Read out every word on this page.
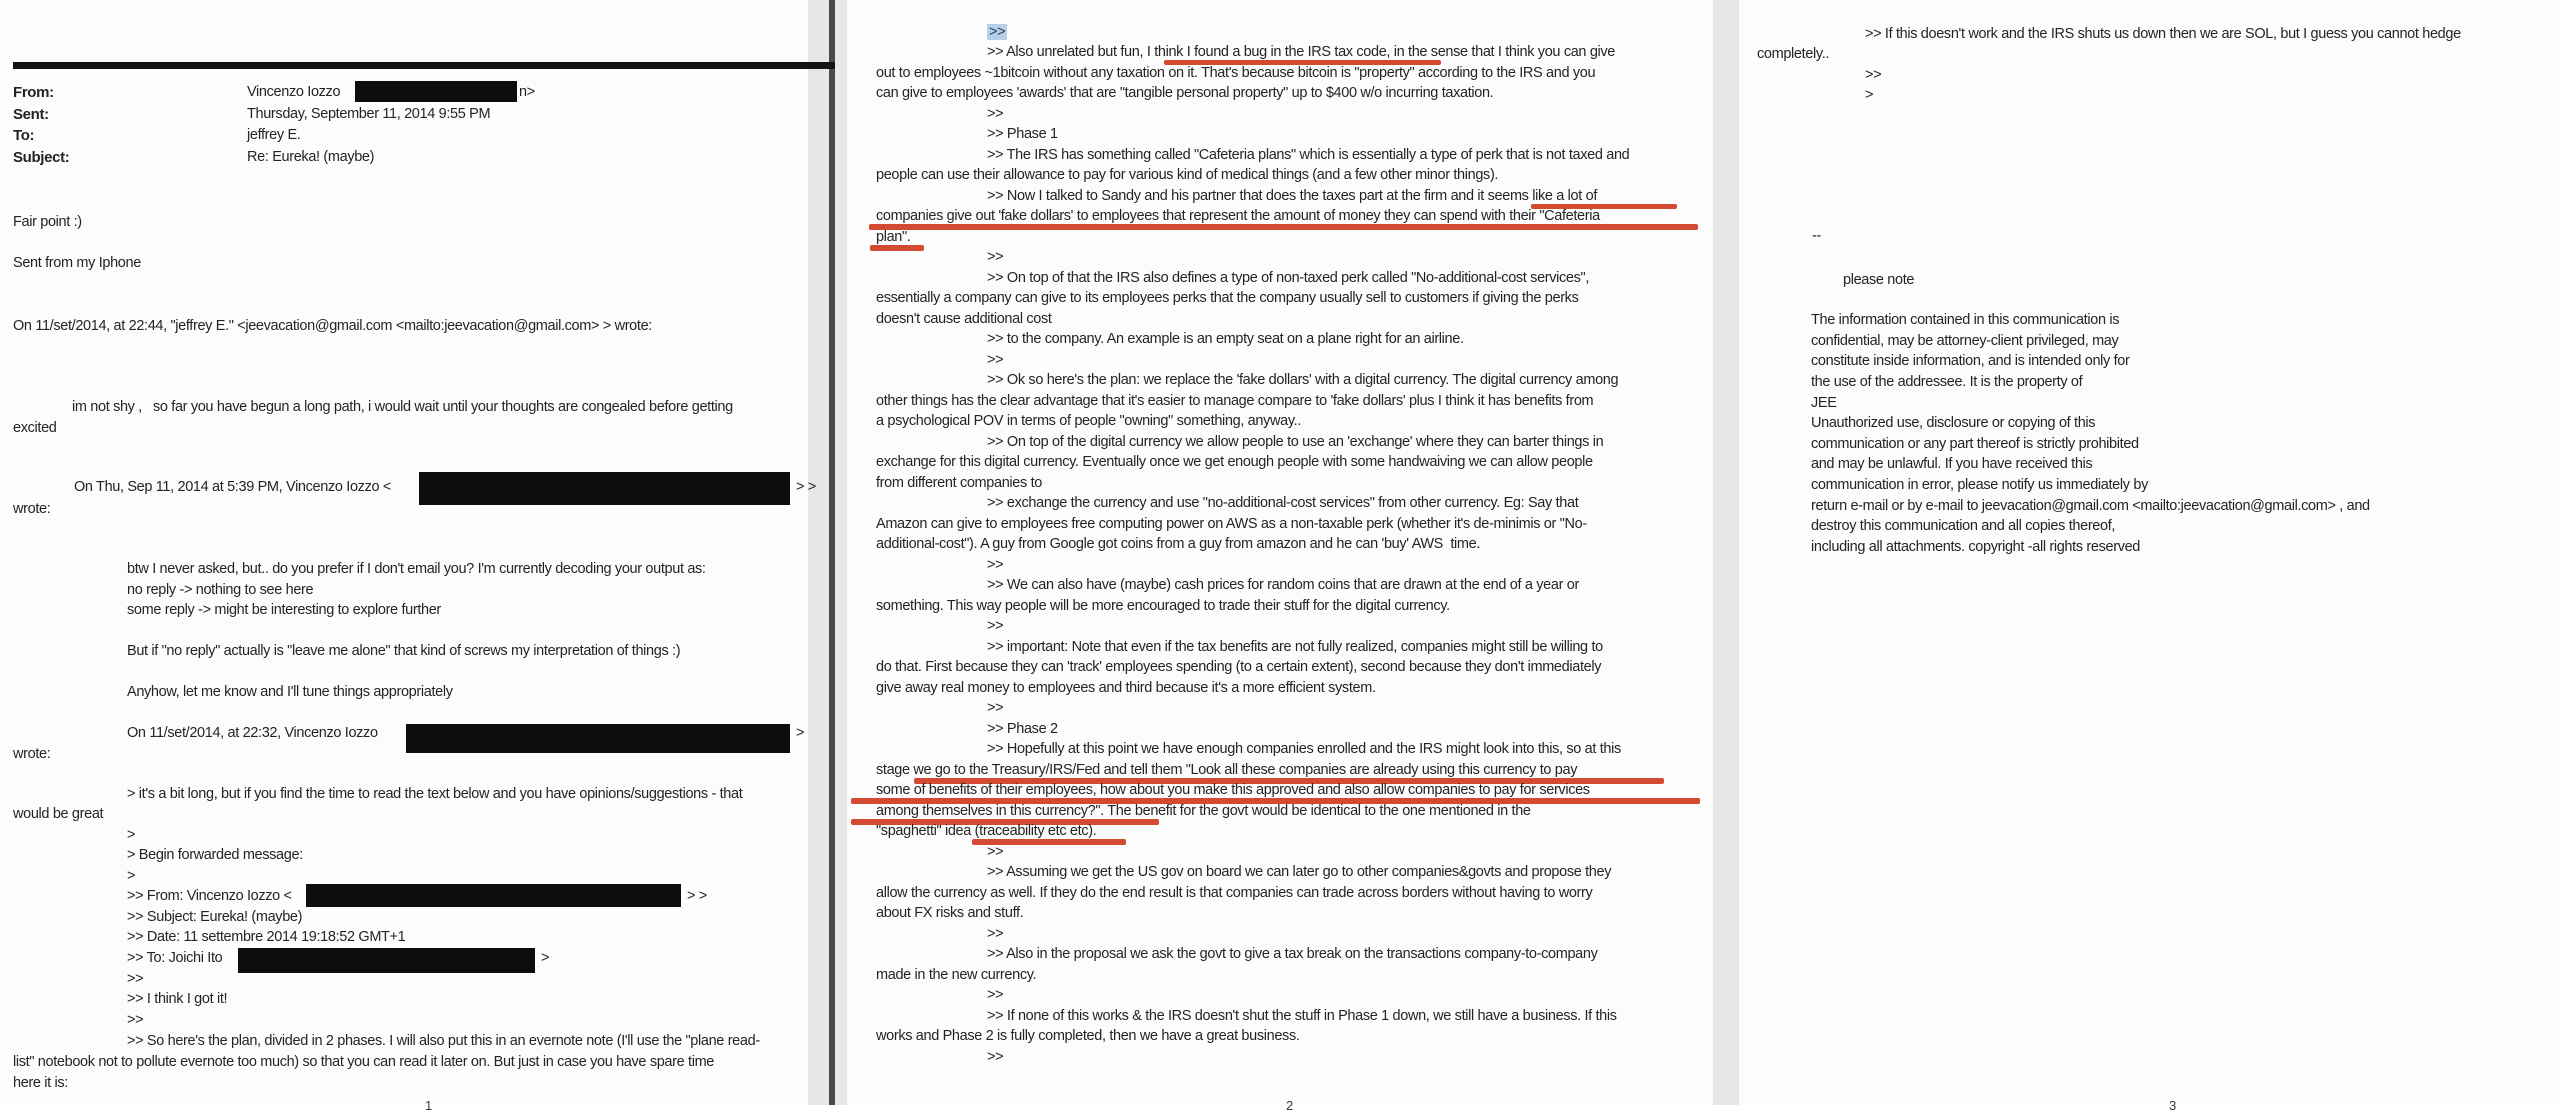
From:	Vincenzo Iozzo	n>
Sent:	Thursday, September 11, 2014 9:55 PM
To:	jeffrey E.
Subject:	Re: Eureka! (maybe)
Fair point :)
Sent from my Iphone
On 11/set/2014, at 22:44, "jeffrey E." <jeevacation@gmail.com <mailto:jeevacation@gmail.com> > wrote:
im not shy ,   so far you have begun a long path, i would wait until your thoughts are congealed before getting
excited
On Thu, Sep 11, 2014 at 5:39 PM, Vincenzo Iozzo <	> >
wrote:
btw I never asked, but.. do you prefer if I don't email you? I'm currently decoding your output as:
no reply -> nothing to see here
some reply -> might be interesting to explore further
But if "no reply" actually is "leave me alone" that kind of screws my interpretation of things :)
Anyhow, let me know and I'll tune things appropriately
On 11/set/2014, at 22:32, Vincenzo Iozzo	>
wrote:
> it's a bit long, but if you find the time to read the text below and you have opinions/suggestions - that
would be great
>
> Begin forwarded message:
>
>> From: Vincenzo Iozzo <	> >
>> Subject: Eureka! (maybe)
>> Date: 11 settembre 2014 19:18:52 GMT+1
>> To: Joichi Ito	>
>>
>> I think I got it!
>>
>> So here's the plan, divided in 2 phases. I will also put this in an evernote note (I'll use the "plane read-
list" notebook not to pollute evernote too much) so that you can read it later on. But just in case you have spare time
here it is:
1
>>
>> Also unrelated but fun, I think I found a bug in the IRS tax code, in the sense that I think you can give
out to employees ~1bitcoin without any taxation on it. That's because bitcoin is "property" according to the IRS and you
can give to employees 'awards' that are "tangible personal property" up to $400 w/o incurring taxation.
>>
>> Phase 1
>> The IRS has something called "Cafeteria plans" which is essentially a type of perk that is not taxed and
people can use their allowance to pay for various kind of medical things (and a few other minor things).
>> Now I talked to Sandy and his partner that does the taxes part at the firm and it seems like a lot of
companies give out 'fake dollars' to employees that represent the amount of money they can spend with their "Cafeteria
plan".
>>
>> On top of that the IRS also defines a type of non-taxed perk called "No-additional-cost services",
essentially a company can give to its employees perks that the company usually sell to customers if giving the perks
doesn't cause additional cost
>> to the company. An example is an empty seat on a plane right for an airline.
>>
>> Ok so here's the plan: we replace the 'fake dollars' with a digital currency. The digital currency among
other things has the clear advantage that it's easier to manage compare to 'fake dollars' plus I think it has benefits from
a psychological POV in terms of people "owning" something, anyway..
>> On top of the digital currency we allow people to use an 'exchange' where they can barter things in
exchange for this digital currency. Eventually once we get enough people with some handwaiving we can allow people
from different companies to
>> exchange the currency and use "no-additional-cost services" from other currency. Eg: Say that
Amazon can give to employees free computing power on AWS as a non-taxable perk (whether it's de-minimis or "No-
additional-cost"). A guy from Google got coins from a guy from amazon and he can 'buy' AWS  time.
>>
>> We can also have (maybe) cash prices for random coins that are drawn at the end of a year or
something. This way people will be more encouraged to trade their stuff for the digital currency.
>>
>> important: Note that even if the tax benefits are not fully realized, companies might still be willing to
do that. First because they can 'track' employees spending (to a certain extent), second because they don't immediately
give away real money to employees and third because it's a more efficient system.
>>
>> Phase 2
>> Hopefully at this point we have enough companies enrolled and the IRS might look into this, so at this
stage we go to the Treasury/IRS/Fed and tell them "Look all these companies are already using this currency to pay
some of benefits of their employees, how about you make this approved and also allow companies to pay for services
among themselves in this currency?". The benefit for the govt would be identical to the one mentioned in the
"spaghetti" idea (traceability etc etc).
>>
>> Assuming we get the US gov on board we can later go to other companies&govts and propose they
allow the currency as well. If they do the end result is that companies can trade across borders without having to worry
about FX risks and stuff.
>>
>> Also in the proposal we ask the govt to give a tax break on the transactions company-to-company
made in the new currency.
>>
>> If none of this works & the IRS doesn't shut the stuff in Phase 1 down, we still have a business. If this
works and Phase 2 is fully completed, then we have a great business.
>>
2
>> If this doesn't work and the IRS shuts us down then we are SOL, but I guess you cannot hedge
completely..
>>
>
--
please note
The information contained in this communication is
confidential, may be attorney-client privileged, may
constitute inside information, and is intended only for
the use of the addressee. It is the property of
JEE
Unauthorized use, disclosure or copying of this
communication or any part thereof is strictly prohibited
and may be unlawful. If you have received this
communication in error, please notify us immediately by
return e-mail or by e-mail to jeevacation@gmail.com <mailto:jeevacation@gmail.com> , and
destroy this communication and all copies thereof,
including all attachments. copyright -all rights reserved
3
